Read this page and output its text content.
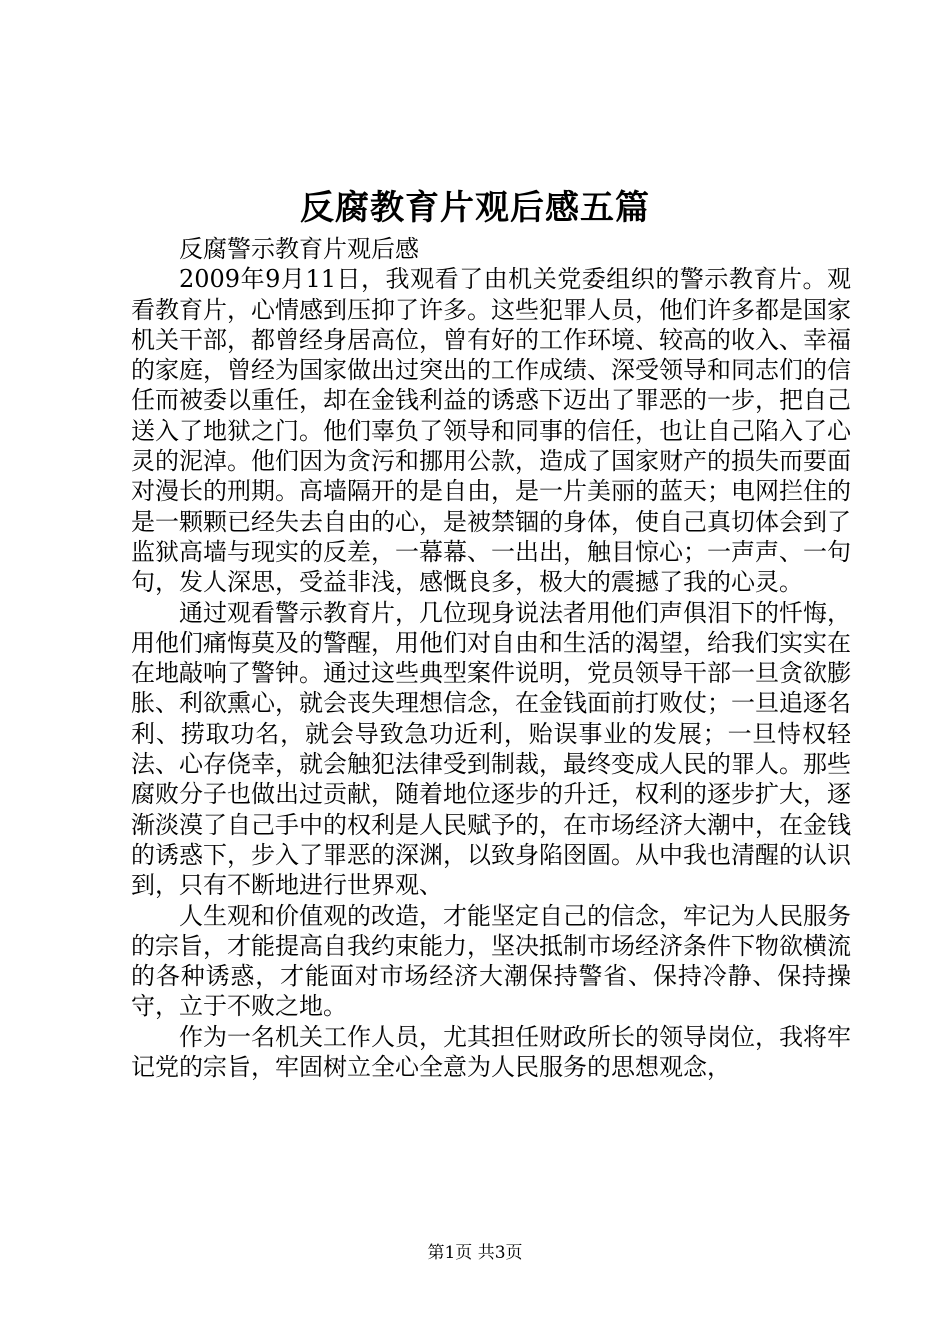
反腐教育片观后感五篇

反腐警示教育片观后感

2009年9月11日，我观看了由机关党委组织的警示教育片。观看教育片，心情感到压抑了许多。这些犯罪人员，他们许多都是国家机关干部，都曾经身居高位，曾有好的工作环境、较高的收入、幸福的家庭，曾经为国家做出过突出的工作成绩、深受领导和同志们的信任而被委以重任，却在金钱利益的诱惑下迈出了罪恶的一步，把自己送入了地狱之门。他们辜负了领导和同事的信任，也让自己陷入了心灵的泥淖。他们因为贪污和挪用公款，造成了国家财产的损失而要面对漫长的刑期。高墙隔开的是自由，是一片美丽的蓝天；电网拦住的是一颗颗已经失去自由的心，是被禁锢的身体，使自己真切体会到了监狱高墙与现实的反差，一幕幕、一出出，触目惊心；一声声、一句句，发人深思，受益非浅，感慨良多，极大的震撼了我的心灵。

通过观看警示教育片，几位现身说法者用他们声俱泪下的忏悔，用他们痛悔莫及的警醒，用他们对自由和生活的渴望，给我们实实在在地敲响了警钟。通过这些典型案件说明，党员领导干部一旦贪欲膨胀、利欲熏心，就会丧失理想信念，在金钱面前打败仗；一旦追逐名利、捞取功名，就会导致急功近利，贻误事业的发展；一旦恃权轻法、心存侥幸，就会触犯法律受到制裁，最终变成人民的罪人。那些腐败分子也做出过贡献，随着地位逐步的升迁，权利的逐步扩大，逐渐淡漠了自己手中的权利是人民赋予的，在市场经济大潮中，在金钱的诱惑下，步入了罪恶的深渊，以致身陷囹圄。从中我也清醒的认识到，只有不断地进行世界观、

人生观和价值观的改造，才能坚定自己的信念，牢记为人民服务的宗旨，才能提高自我约束能力，坚决抵制市场经济条件下物欲横流的各种诱惑，才能面对市场经济大潮保持警省、保持冷静、保持操守，立于不败之地。

作为一名机关工作人员，尤其担任财政所长的领导岗位，我将牢记党的宗旨，牢固树立全心全意为人民服务的思想观念，

第1页 共3页
